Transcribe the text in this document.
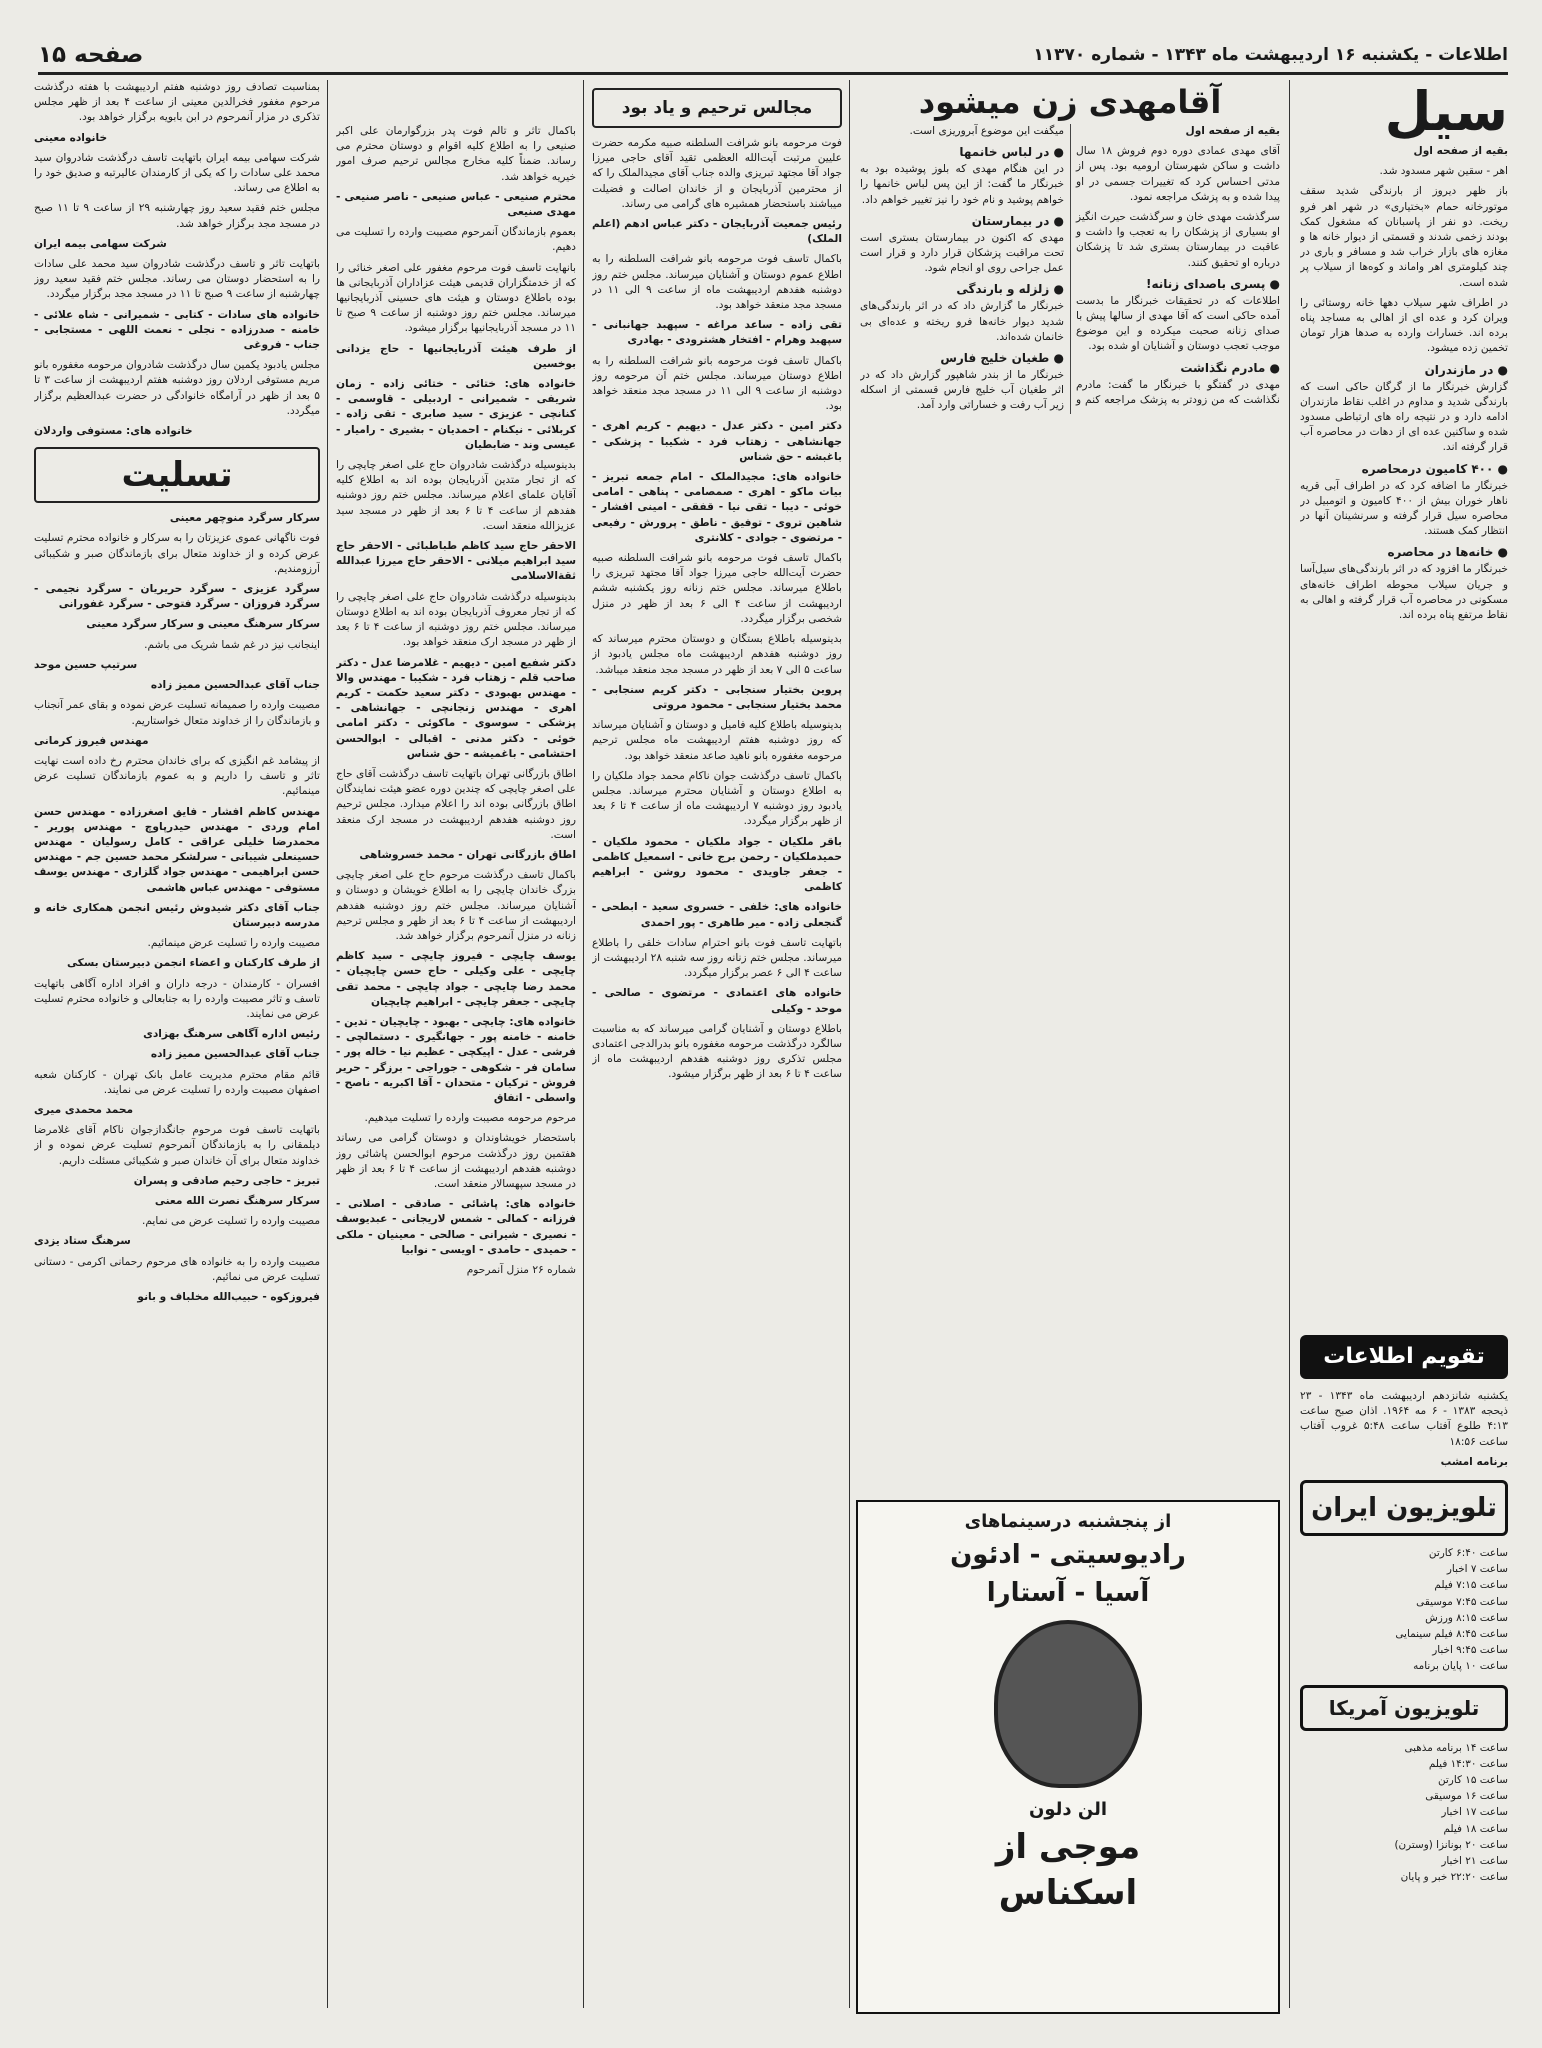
اطلاعات - یکشنبه ۱۶ اردیبهشت ماه ۱۳۴۳ - شماره ۱۱۳۷۰
صفحه ۱۵
سیل

بقیه از صفحه اول

اهر - سقین شهر مسدود شد.

باز ظهر دیروز از بارندگی شدید سقف موتورخانه حمام «بختیاری» در شهر اهر فرو ریخت. دو نفر از پاسبانان که مشغول کمک بودند زخمی شدند و قسمتی از دیوار خانه ها و مغازه های بازار خراب شد و مسافر و باری در چند کیلومتری اهر واماند و کوه‌ها از سیلاب پر شده است.

در اطراف شهر سیلاب دهها خانه روستائی را ویران کرد و عده ای از اهالی به مساجد پناه برده اند. خسارات وارده به صدها هزار تومان تخمین زده میشود.

● در مازندران

گزارش خبرنگار ما از گرگان حاکی است که بارندگی شدید و مداوم در اغلب نقاط مازندران ادامه دارد و در نتیجه راه های ارتباطی مسدود شده و ساکنین عده ای از دهات در محاصره آب قرار گرفته اند.

● ۴۰۰ کامیون درمحاصره

خبرنگار ما اضافه کرد که در اطراف آبی قریه ناهار خوران بیش از ۴۰۰ کامیون و اتومبیل در محاصره سیل قرار گرفته و سرنشینان آنها در انتظار کمک هستند.

● خانه‌ها در محاصره

خبرنگار ما افزود که در اثر بارندگی‌های سیل‌آسا و جریان سیلاب محوطه اطراف خانه‌های مسکونی در محاصره آب قرار گرفته و اهالی به نقاط مرتفع پناه برده اند.

تقویم اطلاعات

یکشنبه شانزدهم اردیبهشت ماه ۱۳۴۳ - ۲۳ ذیحجه ۱۳۸۳ - ۶ مه ۱۹۶۴. اذان صبح ساعت ۴:۱۳ طلوع آفتاب ساعت ۵:۴۸ غروب آفتاب ساعت ۱۸:۵۶

برنامه امشب

تلویزیون ایران

ساعت ۶:۴۰ کارتن

ساعت ۷ اخبار

ساعت ۷:۱۵ فیلم

ساعت ۷:۴۵ موسیقی

ساعت ۸:۱۵ ورزش

ساعت ۸:۴۵ فیلم سینمایی

ساعت ۹:۴۵ اخبار

ساعت ۱۰ پایان برنامه

تلویزیون آمریکا

ساعت ۱۴ برنامه مذهبی

ساعت ۱۴:۳۰ فیلم

ساعت ۱۵ کارتن

ساعت ۱۶ موسیقی

ساعت ۱۷ اخبار

ساعت ۱۸ فیلم

ساعت ۲۰ بونانزا (وسترن)

ساعت ۲۱ اخبار

ساعت ۲۲:۲۰ خبر و پایان

آقامهدی زن میشود

بقیه از صفحه اول

آقای مهدی عمادی دوره دوم فروش ۱۸ سال داشت و ساکن شهرستان ارومیه بود. پس از مدتی احساس کرد که تغییرات جسمی در او پیدا شده و به پزشک مراجعه نمود.

سرگذشت مهدی خان و سرگذشت حیرت انگیز او بسیاری از پزشکان را به تعجب وا داشت و عاقبت در بیمارستان بستری شد تا پزشکان درباره او تحقیق کنند.

● پسری باصدای زنانه!

اطلاعات که در تحقیقات خبرنگار ما بدست آمده حاکی است که آقا مهدی از سالها پیش با صدای زنانه صحبت میکرده و این موضوع موجب تعجب دوستان و آشنایان او شده بود.

● مادرم نگذاشت

مهدی در گفتگو با خبرنگار ما گفت: مادرم نگذاشت که من زودتر به پزشک مراجعه کنم و میگفت این موضوع آبروریزی است.

● در لباس خانمها

در این هنگام مهدی که بلوز پوشیده بود به خبرنگار ما گفت: از این پس لباس خانمها را خواهم پوشید و نام خود را نیز تغییر خواهم داد.

● در بیمارستان

مهدی که اکنون در بیمارستان بستری است تحت مراقبت پزشکان قرار دارد و قرار است عمل جراحی روی او انجام شود.

● زلزله و بارندگی

خبرنگار ما گزارش داد که در اثر بارندگی‌های شدید دیوار خانه‌ها فرو ریخته و عده‌ای بی خانمان شده‌اند.

● طغیان خلیج فارس

خبرنگار ما از بندر شاهپور گزارش داد که در اثر طغیان آب خلیج فارس قسمتی از اسکله زیر آب رفت و خساراتی وارد آمد.

از پنجشنبه درسینماهای
رادیوسیتی - ادئون
آسیا - آستارا
الن دلون
موجی از
اسکناس
مجالس ترحیم و یاد بود

فوت مرحومه بانو شرافت السلطنه صبیه مکرمه حضرت علیین مرتبت آیت‌الله العظمی تقید آقای حاجی میرزا جواد آقا مجتهد تبریزی والده جناب آقای مجیدالملک را که از محترمین آذربایجان و از خاندان اصالت و فضیلت میباشند باستحضار همشیره های گرامی می رساند.

رئیس جمعیت آذربایجان - دکتر عباس ادهم (اعلم الملک)

باکمال تاسف فوت مرحومه بانو شرافت السلطنه را به اطلاع عموم دوستان و آشنایان میرساند. مجلس ختم روز دوشنبه هفدهم اردیبهشت ماه از ساعت ۹ الی ۱۱ در مسجد مجد منعقد خواهد بود.

تقی زاده - ساعد مراغه - سپهبد جهانبانی - سپهبد وهرام - افتخار هشترودی - بهادری

باکمال تاسف فوت مرحومه بانو شرافت السلطنه را به اطلاع دوستان میرساند. مجلس ختم آن مرحومه روز دوشنبه از ساعت ۹ الی ۱۱ در مسجد مجد منعقد خواهد بود.

دکتر امین - دکتر عدل - دیهیم - کریم اهری - جهانشاهی - زهتاب فرد - شکیبا - پزشکی - باغبشه - حق شناس

خانواده های: مجیدالملک - امام جمعه تبریز - بیات ماکو - اهری - صمصامی - پناهی - امامی خوئی - دیبا - تقی نیا - قفقی - امینی افشار - شاهین تروی - توفیق - ناطق - پرورش - رفیعی - مرتضوی - جوادی - کلانتری

باکمال تاسف فوت مرحومه بانو شرافت السلطنه صبیه حضرت آیت‌الله حاجی میرزا جواد آقا مجتهد تبریزی را باطلاع میرساند. مجلس ختم زنانه روز یکشنبه ششم اردیبهشت از ساعت ۴ الی ۶ بعد از ظهر در منزل شخصی برگزار میگردد.

بدینوسیله باطلاع بستگان و دوستان محترم میرساند که روز دوشنبه هفدهم اردیبهشت ماه مجلس یادبود از ساعت ۵ الی ۷ بعد از ظهر در مسجد مجد منعقد میباشد.

پروین بختیار سنجابی - دکتر کریم سنجابی - محمد بختیار سنجابی - محمود مروتی

بدینوسیله باطلاع کلیه فامیل و دوستان و آشنایان میرساند که روز دوشنبه هفتم اردیبهشت ماه مجلس ترحیم مرحومه مغفوره بانو ناهید صاعد منعقد خواهد بود.

باکمال تاسف درگذشت جوان ناکام محمد جواد ملکیان را به اطلاع دوستان و آشنایان محترم میرساند. مجلس یادبود روز دوشنبه ۷ اردیبهشت ماه از ساعت ۴ تا ۶ بعد از ظهر برگزار میگردد.

باقر ملکیان - جواد ملکیان - محمود ملکیان - حمیدملکیان - رحمن برج خانی - اسمعیل کاظمی - جعفر جاویدی - محمود روشن - ابراهیم کاظمی

خانواده های: خلفی - خسروی سعید - ابطحی - گنجعلی زاده - میر طاهری - پور احمدی

باتهایت تاسف فوت بانو احترام سادات خلقی را باطلاع میرساند. مجلس ختم زنانه روز سه شنبه ۲۸ اردیبهشت از ساعت ۴ الی ۶ عصر برگزار میگردد.

خانواده های اعتمادی - مرتضوی - صالحی - موحد - وکیلی

باطلاع دوستان و آشنایان گرامی میرساند که به مناسبت سالگرد درگذشت مرحومه مغفوره بانو بدرالدجی اعتمادی مجلس تذکری روز دوشنبه هفدهم اردیبهشت ماه از ساعت ۴ تا ۶ بعد از ظهر برگزار میشود.

باکمال تاثر و تالم فوت پدر بزرگوارمان علی اکبر صنیعی را به اطلاع کلیه اقوام و دوستان محترم می رساند. ضمناً کلیه مخارج مجالس ترحیم صرف امور خیریه خواهد شد.

محترم صنیعی - عباس صنیعی - ناصر صنیعی - مهدی صنیعی

بعموم بازماندگان آنمرحوم مصیبت وارده را تسلیت می دهیم.

بانهایت تاسف فوت مرحوم مغفور علی اصغر خنائی را که از خدمتگزاران قدیمی هیئت عزاداران آذربایجانی ها بوده باطلاع دوستان و هیئت های حسینی آذربایجانیها میرساند. مجلس ختم روز دوشنبه از ساعت ۹ صبح تا ۱۱ در مسجد آذربایجانیها برگزار میشود.

از طرف هیئت آذربایجانیها - حاج یزدانی بوخسین

خانواده های: ختائی - ختائی زاده - زمان شریفی - شمیرانی - اردبیلی - قاوسمی - کنانچی - عزیزی - سید صابری - تقی زاده - کربلائی - نیکنام - احمدیان - بشیری - رامیار - عیسی وند - ضابطیان

بدینوسیله درگذشت شادروان حاج علی اصغر چایچی را که از تجار متدین آذربایجان بوده اند به اطلاع کلیه آقایان علمای اعلام میرساند. مجلس ختم روز دوشنبه هفدهم از ساعت ۴ تا ۶ بعد از ظهر در مسجد سید عزیزالله منعقد است.

الاحقر حاج سید کاظم طباطبائی - الاحقر حاج سید ابراهیم میلانی - الاحقر حاج میرزا عبدالله ثقةالاسلامی

بدینوسیله درگذشت شادروان حاج علی اصغر چایچی را که از تجار معروف آذربایجان بوده اند به اطلاع دوستان میرساند. مجلس ختم روز دوشنبه از ساعت ۴ تا ۶ بعد از ظهر در مسجد ارک منعقد خواهد بود.

دکتر شفیع امین - دیهیم - غلامرضا عدل - دکتر صاحب قلم - زهتاب فرد - شکیبا - مهندس والا - مهندس بهبودی - دکتر سعید حکمت - کریم اهری - مهندس زنجانچی - جهانشاهی - پزشکی - سوسوی - ماکوئی - دکتر امامی خوئی - دکتر مدنی - اقبالی - ابوالحسن احتشامی - باغمیشه - حق شناس

اطاق بازرگانی تهران باتهایت تاسف درگذشت آقای حاج علی اصغر چایچی که چندین دوره عضو هیئت نمایندگان اطاق بازرگانی بوده اند را اعلام میدارد. مجلس ترحیم روز دوشنبه هفدهم اردیبهشت در مسجد ارک منعقد است.

اطاق بازرگانی تهران - محمد خسروشاهی

باکمال تاسف درگذشت مرحوم حاج علی اصغر چایچی بزرگ خاندان چایچی را به اطلاع خویشان و دوستان و آشنایان میرساند. مجلس ختم روز دوشنبه هفدهم اردیبهشت از ساعت ۴ تا ۶ بعد از ظهر و مجلس ترحیم زنانه در منزل آنمرحوم برگزار خواهد شد.

یوسف چایچی - فیروز چایچی - سید کاظم چایچی - علی وکیلی - حاج حسن چایچیان - محمد رضا چایچی - جواد چایچی - محمد تقی چایچی - جعفر چایچی - ابراهیم چایچیان

خانواده های: چایچی - بهبود - چایچیان - تدین - خامنه - خامنه پور - جهانگیری - دستمالچی - فرشی - عدل - اپیکچی - عظیم نیا - خاله پور - سامان فر - شکوهی - جوراجی - برزگر - حریر فروش - ترکیان - متحدان - آقا اکبریه - ناصح - واسطی - اتفاق

مرحوم مرحومه مصیبت وارده را تسلیت میدهیم.

باستحضار خویشاوندان و دوستان گرامی می رساند هفتمین روز درگذشت مرحوم ابوالحسن پاشائی روز دوشنبه هفدهم اردیبهشت از ساعت ۴ تا ۶ بعد از ظهر در مسجد سپهسالار منعقد است.

خانواده های: پاشائی - صادقی - اصلانی - فرزانه - کمالی - شمس لاریجانی - عبدیوسف - نصیری - شیرانی - صالحی - معینیان - ملکی - حمیدی - حامدی - اویسی - نوابیا

شماره ۲۶ منزل آنمرحوم

بمناسبت تصادف روز دوشنبه هفتم اردیبهشت با هفته درگذشت مرحوم مغفور فخرالدین معینی از ساعت ۴ بعد از ظهر مجلس تذکری در مزار آنمرحوم در ابن بابویه برگزار خواهد بود.

خانواده معینی

شرکت سهامی بیمه ایران باتهایت تاسف درگذشت شادروان سید محمد علی سادات را که یکی از کارمندان عالیرتبه و صدیق خود را به اطلاع می رساند.

مجلس ختم فقید سعید روز چهارشنبه ۲۹ از ساعت ۹ تا ۱۱ صبح در مسجد مجد برگزار خواهد شد.

شرکت سهامی بیمه ایران

باتهایت تاثر و تاسف درگذشت شادروان سید محمد علی سادات را به استحضار دوستان می رساند. مجلس ختم فقید سعید روز چهارشنبه از ساعت ۹ صبح تا ۱۱ در مسجد مجد برگزار میگردد.

خانواده های سادات - کتابی - شمیرانی - شاه علائی - خامنه - صدرزاده - نجلی - نعمت اللهی - مستجابی - جناب - فروغی

مجلس یادبود یکمین سال درگذشت شادروان مرحومه مغفوره بانو مریم مستوفی اردلان روز دوشنبه هفتم اردیبهشت از ساعت ۳ تا ۵ بعد از ظهر در آرامگاه خانوادگی در حضرت عبدالعظیم برگزار میگردد.

خانواده های: مستوفی واردلان

تسلیت

سرکار سرگرد منوچهر معینی

فوت ناگهانی عموی عزیزتان را به سرکار و خانواده محترم تسلیت عرض کرده و از خداوند متعال برای بازماندگان صبر و شکیبائی آرزومندیم.

سرگرد عزیزی - سرگرد حریریان - سرگرد نجیمی - سرگرد فروزان - سرگرد فتوحی - سرگرد غفورانی

سرکار سرهنگ معینی و سرکار سرگرد معینی

اینجانب نیز در غم شما شریک می باشم.

سرتیپ حسین موحد

جناب آقای عبدالحسین ممیز زاده

مصیبت وارده را صمیمانه تسلیت عرض نموده و بقای عمر آنجناب و بازماندگان را از خداوند متعال خواستاریم.

مهندس فیروز کرمانی

از پیشامد غم انگیزی که برای خاندان محترم رخ داده است نهایت تاثر و تاسف را داریم و به عموم بازماندگان تسلیت عرض مینمائیم.

مهندس کاظم افشار - فایق اصغرزاده - مهندس حسن امام وردی - مهندس حیدرپاوچ - مهندس پوریر - محمدرضا خلیلی عراقی - کامل رسولیان - مهندس حسینعلی شیبانی - سرلشکر محمد حسین جم - مهندس حسن ابراهیمی - مهندس جواد گلزاری - مهندس یوسف مستوفی - مهندس عباس هاشمی

جناب آقای دکتر شیدوش رئیس انجمن همکاری خانه و مدرسه دبیرستان

مصیبت وارده را تسلیت عرض مینمائیم.

از طرف کارکنان و اعضاء انجمن دبیرستان بسکی

افسران - کارمندان - درجه داران و افراد اداره آگاهی باتهایت تاسف و تاثر مصیبت وارده را به جنابعالی و خانواده محترم تسلیت عرض می نمایند.

رئیس اداره آگاهی سرهنگ بهزادی

جناب آقای عبدالحسین ممیز زاده

قائم مقام محترم مدیریت عامل بانک تهران - کارکنان شعبه اصفهان مصیبت وارده را تسلیت عرض می نمایند.

محمد محمدی میری

باتهایت تاسف فوت مرحوم جانگدازجوان ناکام آقای غلامرضا دیلمقانی را به بازماندگان آنمرحوم تسلیت عرض نموده و از خداوند متعال برای آن خاندان صبر و شکیبائی مسئلت داریم.

تبریز - حاجی رحیم صادقی و پسران

سرکار سرهنگ نصرت الله معنی

مصیبت وارده را تسلیت عرض می نمایم.

سرهنگ ستاد یزدی

مصیبت وارده را به خانواده های مرحوم رحمانی اکرمی - دستانی تسلیت عرض می نمائیم.

فیروزکوه - حبیب‌الله مخلباف و بانو
